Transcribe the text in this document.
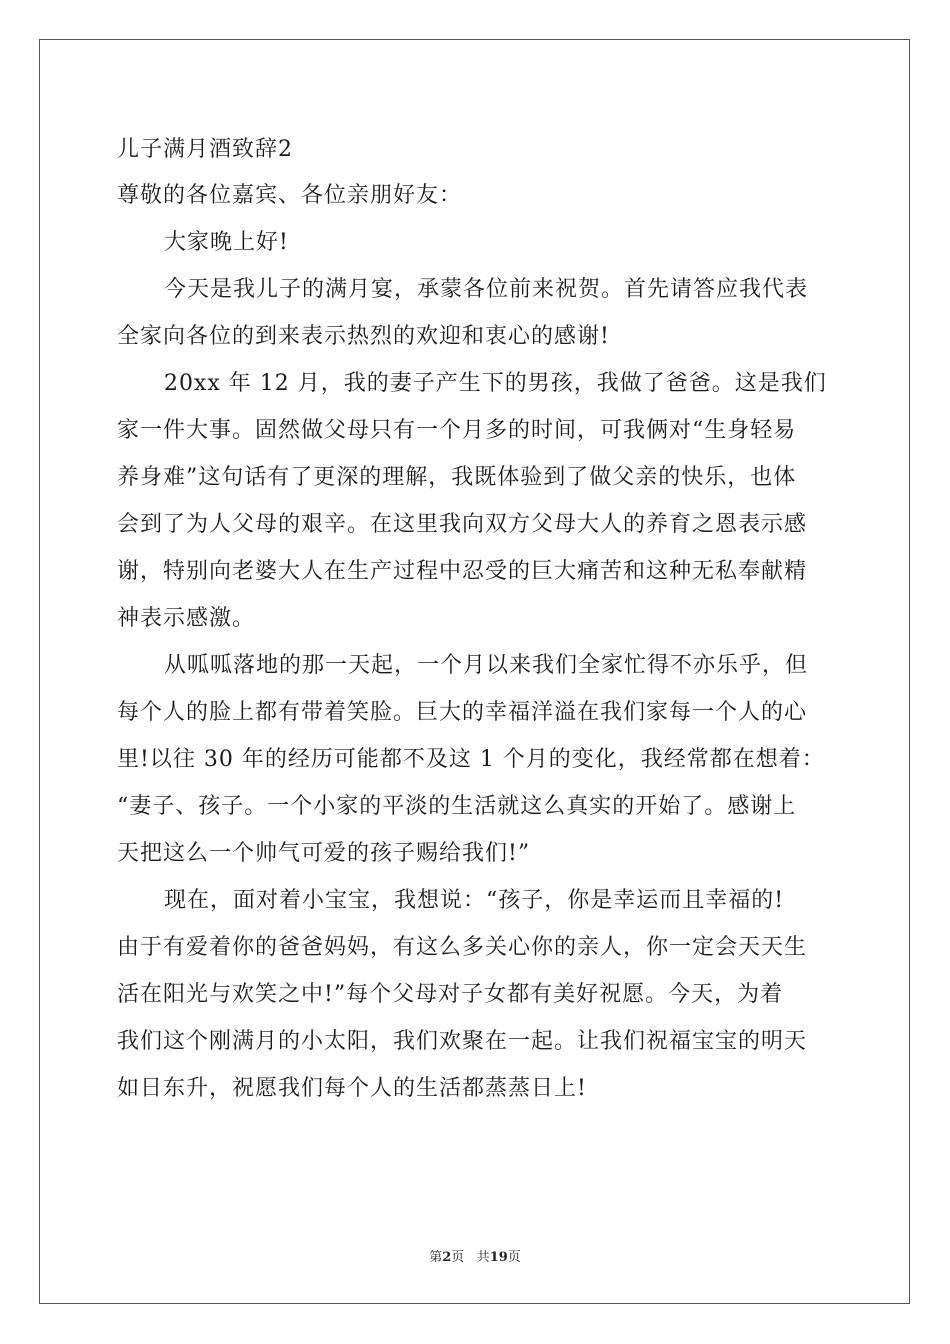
儿子满月酒致辞2
尊敬的各位嘉宾、各位亲朋好友：
大家晚上好!
今天是我儿子的满月宴，承蒙各位前来祝贺。首先请答应我代表
全家向各位的到来表示热烈的欢迎和衷心的感谢!
20xx 年 12 月，我的妻子产生下的男孩，我做了爸爸。这是我们
家一件大事。固然做父母只有一个月多的时间，可我俩对“生身轻易
养身难”这句话有了更深的理解，我既体验到了做父亲的快乐，也体
会到了为人父母的艰辛。在这里我向双方父母大人的养育之恩表示感
谢，特别向老婆大人在生产过程中忍受的巨大痛苦和这种无私奉献精
神表示感激。
从呱呱落地的那一天起，一个月以来我们全家忙得不亦乐乎，但
每个人的脸上都有带着笑脸。巨大的幸福洋溢在我们家每一个人的心
里!以往 30 年的经历可能都不及这 1 个月的变化，我经常都在想着：
“妻子、孩子。一个小家的平淡的生活就这么真实的开始了。感谢上
天把这么一个帅气可爱的孩子赐给我们!”
现在，面对着小宝宝，我想说：“孩子，你是幸运而且幸福的!
由于有爱着你的爸爸妈妈，有这么多关心你的亲人，你一定会天天生
活在阳光与欢笑之中!”每个父母对子女都有美好祝愿。今天，为着
我们这个刚满月的小太阳，我们欢聚在一起。让我们祝福宝宝的明天
如日东升，祝愿我们每个人的生活都蒸蒸日上!
第2页 共19页
